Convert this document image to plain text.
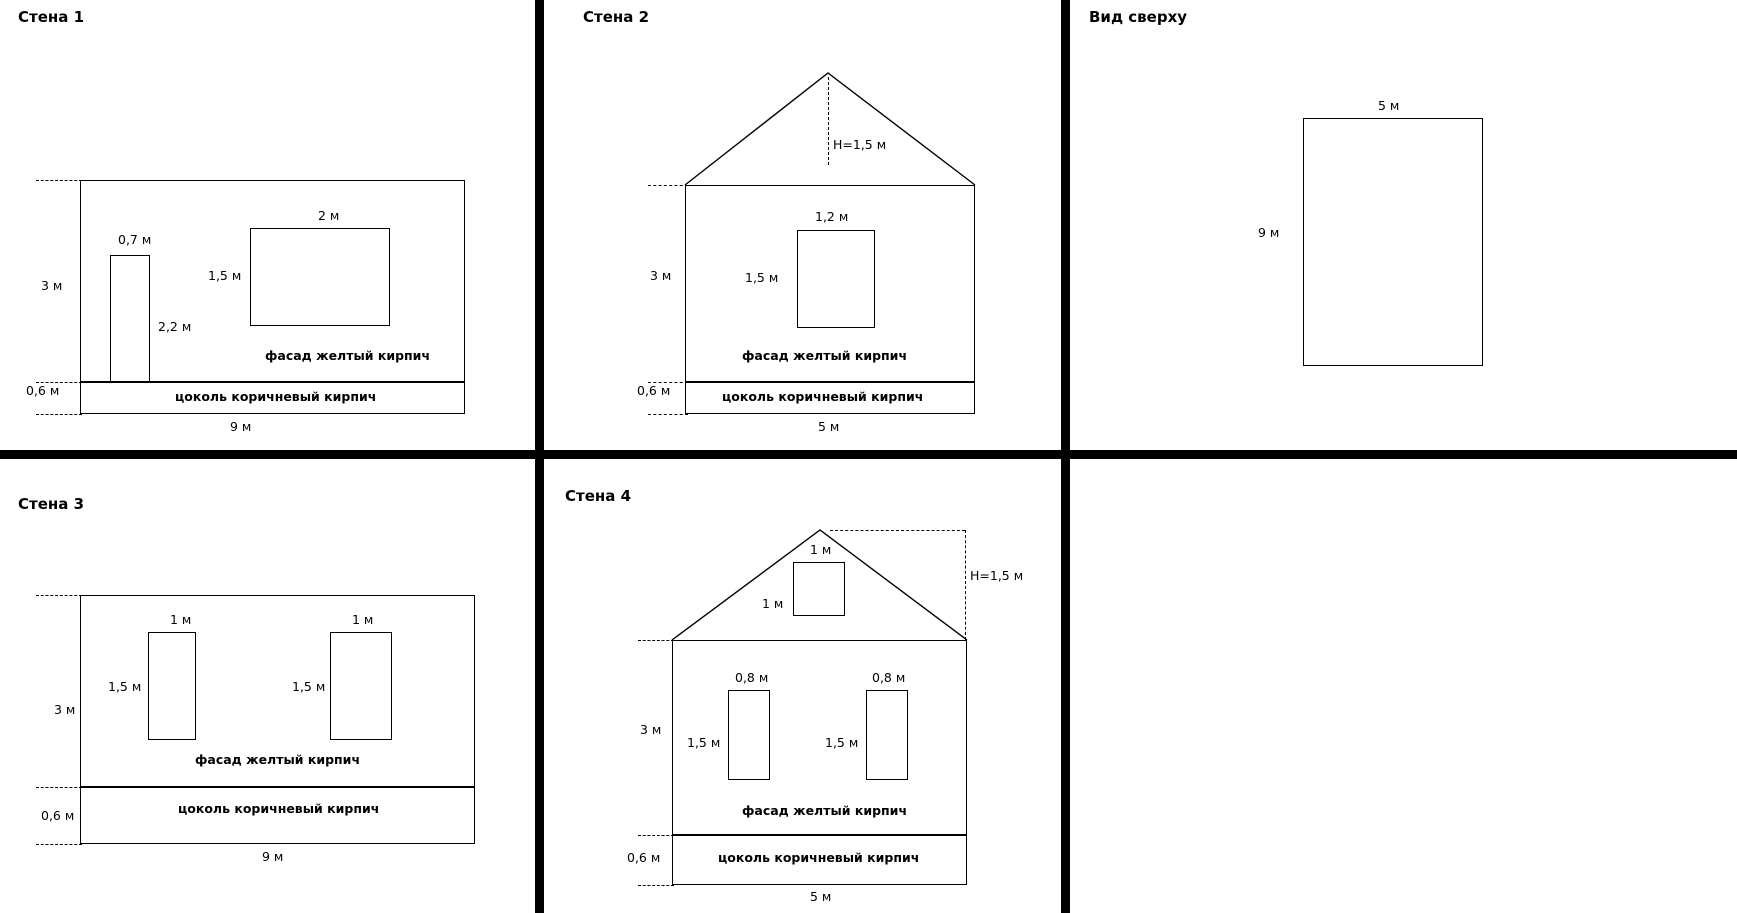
Стена 1
3 м
0,6 м
9 м
0,7 м
2,2 м
2 м
1,5 м
фасад желтый кирпич
цоколь коричневый кирпич
Стена 2
3 м
0,6 м
5 м
H=1,5 м
1,2 м
1,5 м
фасад желтый кирпич
цоколь коричневый кирпич
Вид сверху
5 м
9 м
Стена 3
3 м
0,6 м
9 м
1 м
1,5 м
1 м
1,5 м
фасад желтый кирпич
цоколь коричневый кирпич
Стена 4
3 м
0,6 м
5 м
H=1,5 м
1 м
1 м
0,8 м
1,5 м
0,8 м
1,5 м
фасад желтый кирпич
цоколь коричневый кирпич
